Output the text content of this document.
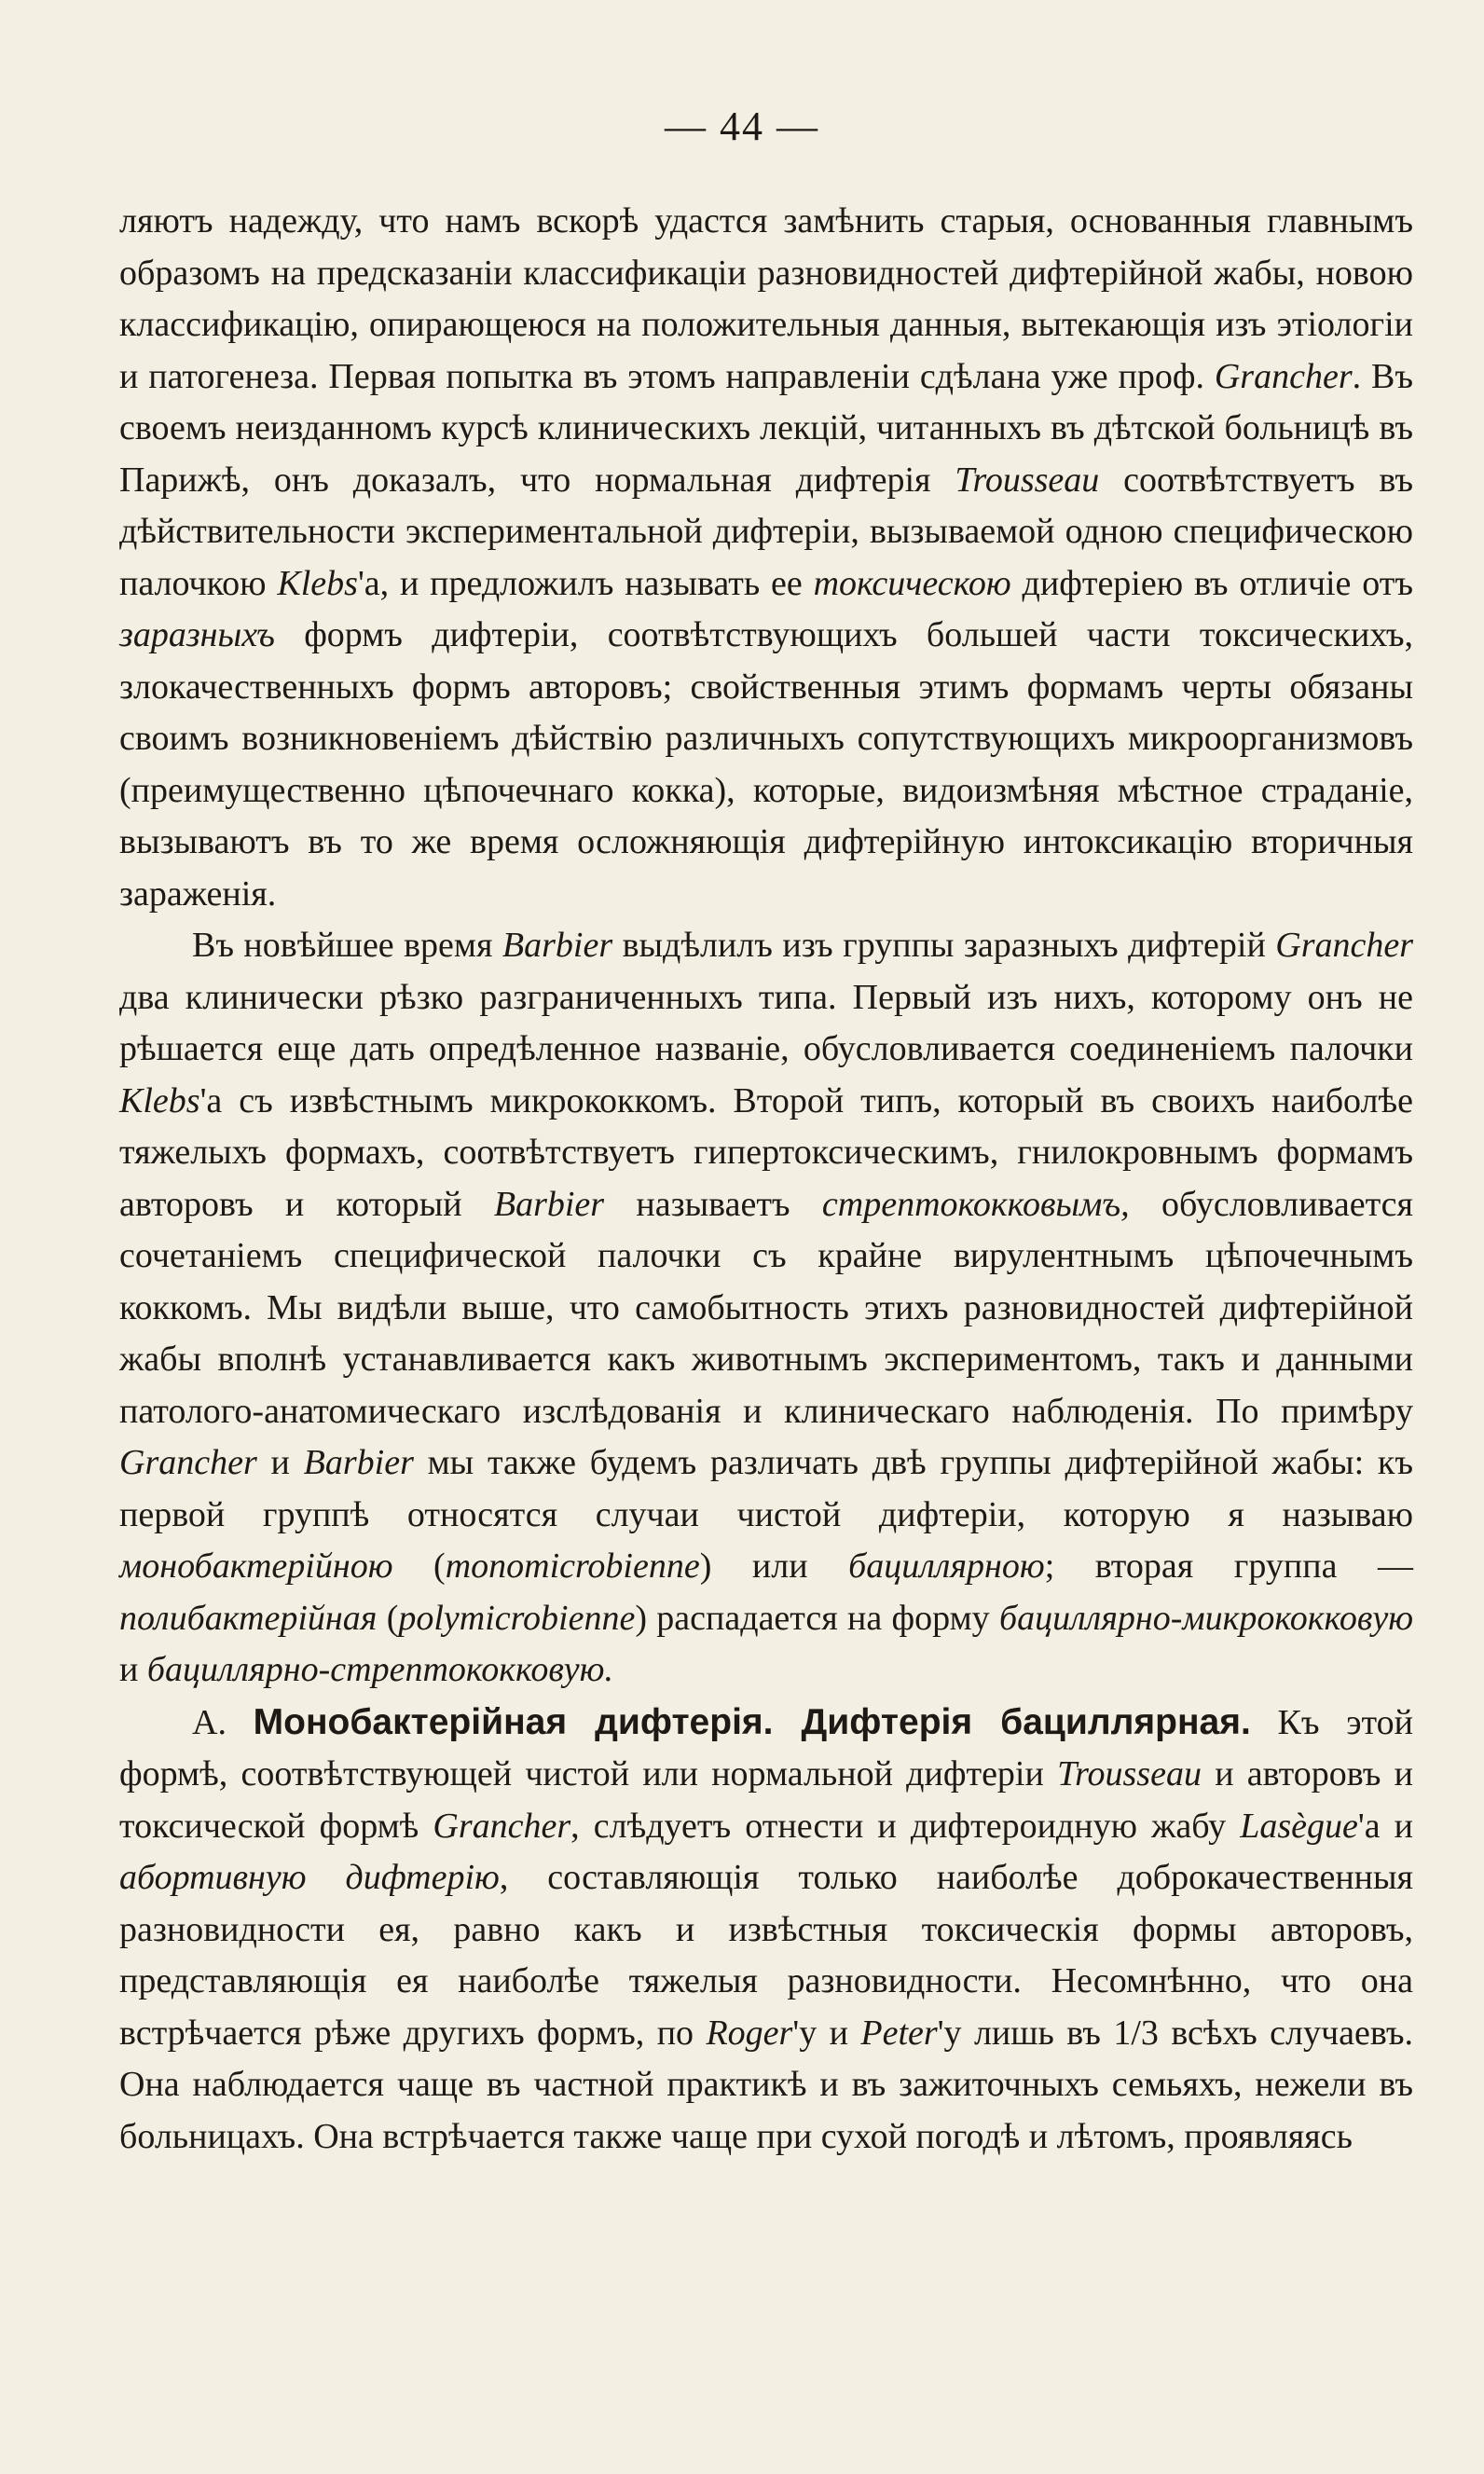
— 44 —

ляютъ надежду, что намъ вскорѣ удастся замѣнить старыя, основанныя главнымъ образомъ на предсказаніи классификаціи разновидностей дифтерійной жабы, новою классификацію, опирающеюся на положительныя данныя, вытекающія изъ этіологіи и патогенеза. Первая попытка въ этомъ направленіи сдѣлана уже проф. Grancher. Въ своемъ неизданномъ курсѣ клиническихъ лекцій, читанныхъ въ дѣтской больницѣ въ Парижѣ, онъ доказалъ, что нормальная дифтерія Trousseau соотвѣтствуетъ въ дѣйствительности экспериментальной дифтеріи, вызываемой одною специфическою палочкою Klebs'а, и предложилъ называть ее токсическою дифтеріею въ отличіе отъ заразныхъ формъ дифтеріи, соотвѣтствующихъ большей части токсическихъ, злокачественныхъ формъ авторовъ; свойственныя этимъ формамъ черты обязаны своимъ возникновеніемъ дѣйствію различныхъ сопутствующихъ микроорганизмовъ (преимущественно цѣпочечнаго кокка), которые, видоизмѣняя мѣстное страданіе, вызываютъ въ то же время осложняющія дифтерійную интоксикацію вторичныя зараженія.

Въ новѣйшее время Barbier выдѣлилъ изъ группы заразныхъ дифтерій Grancher два клинически рѣзко разграниченныхъ типа. Первый изъ нихъ, которому онъ не рѣшается еще дать опредѣленное названіе, обусловливается соединеніемъ палочки Klebs'а съ извѣстнымъ микрококкомъ. Второй типъ, который въ своихъ наиболѣе тяжелыхъ формахъ, соотвѣтствуетъ гипертоксическимъ, гнилокровнымъ формамъ авторовъ и который Barbier называетъ стрептококковымъ, обусловливается сочетаніемъ специфической палочки съ крайне вирулентнымъ цѣпочечнымъ коккомъ. Мы видѣли выше, что самобытность этихъ разновидностей дифтерійной жабы вполнѣ устанавливается какъ животнымъ экспериментомъ, такъ и данными патолого-анатомическаго изслѣдованія и клиническаго наблюденія. По примѣру Grancher и Barbier мы также будемъ различать двѣ группы дифтерійной жабы: къ первой группѣ относятся случаи чистой дифтеріи, которую я называю монобактерійною (monomicrobienne) или бациллярною; вторая группа — полибактерійная (polymicrobienne) распадается на форму бациллярно-микрококковую и бациллярно-стрептококковую.

А. Монобактерійная дифтерія. Дифтерія бациллярная. Къ этой формѣ, соотвѣтствующей чистой или нормальной дифтеріи Trousseau и авторовъ и токсической формѣ Grancher, слѣдуетъ отнести и дифтероидную жабу Lasègue'а и абортивную дифтерію, составляющія только наиболѣе доброкачественныя разновидности ея, равно какъ и извѣстныя токсическія формы авторовъ, представляющія ея наиболѣе тяжелыя разновидности. Несомнѣнно, что она встрѣчается рѣже другихъ формъ, по Roger'у и Peter'у лишь въ 1/3 всѣхъ случаевъ. Она наблюдается чаще въ частной практикѣ и въ зажиточныхъ семьяхъ, нежели въ больницахъ. Она встрѣчается также чаще при сухой погодѣ и лѣтомъ, проявляясь
